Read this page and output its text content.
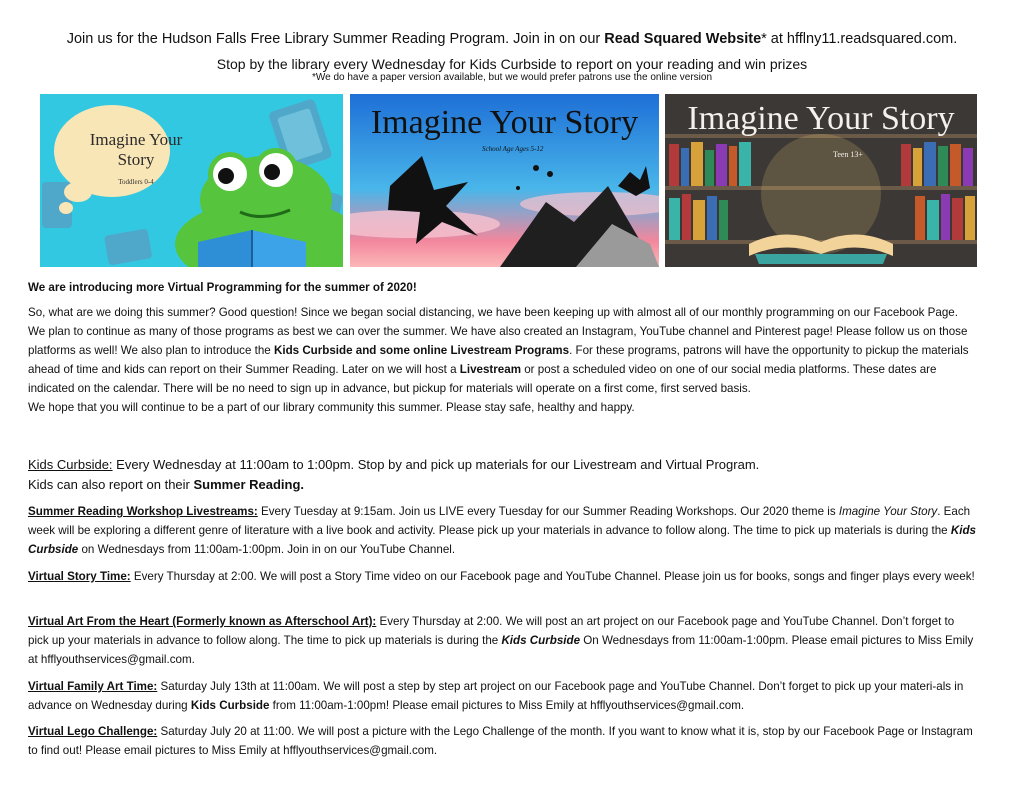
Join us for the Hudson Falls Free Library Summer Reading Program. Join in on our Read Squared Website* at hfflny11.readsquared.com.
Stop by the library every Wednesday for Kids Curbside to report on your reading and win prizes
*We do have a paper version available, but we would prefer patrons use the online version
Imagine Your Story
Toddlers 0-4
Imagine Your Story
School Age Ages 5-12
Imagine Your Story
Teen 13+
We are introducing more Virtual Programming for the summer of 2020!
So, what are we doing this summer? Good question! Since we began social distancing, we have been keeping up with almost all of our monthly programming on our Facebook Page. We plan to continue as many of those programs as best we can over the summer. We have also created an Instagram, YouTube channel and Pinterest page! Please follow us on those platforms as well! We also plan to introduce the Kids Curbside and some online Livestream Programs. For these programs, patrons will have the opportunity to pickup the materials ahead of time and kids can report on their Summer Reading. Later on we will host a Livestream or post a scheduled video on one of our social media platforms. These dates are indicated on the calendar. There will be no need to sign up in advance, but pickup for materials will operate on a first come, first served basis.
We hope that you will continue to be a part of our library community this summer. Please stay safe, healthy and happy.
Kids Curbside: Every Wednesday at 11:00am to 1:00pm. Stop by and pick up materials for our Livestream and Virtual Program.
Kids can also report on their Summer Reading.
Summer Reading Workshop Livestreams: Every Tuesday at 9:15am. Join us LIVE every Tuesday for our Summer Reading Workshops. Our 2020 theme is Imagine Your Story. Each week will be exploring a different genre of literature with a live book and activity. Please pick up your materials in advance to follow along. The time to pick up materials is during the Kids Curbside on Wednesdays from 11:00am-1:00pm. Join in on our YouTube Channel.
Virtual Story Time: Every Thursday at 2:00. We will post a Story Time video on our Facebook page and YouTube Channel. Please join us for books, songs and finger plays every week!
Virtual Art From the Heart (Formerly known as Afterschool Art): Every Thursday at 2:00. We will post an art project on our Facebook page and YouTube Channel. Don’t forget to pick up your materials in advance to follow along. The time to pick up materials is during the Kids Curbside On Wednesdays from 11:00am-1:00pm. Please email pictures to Miss Emily at hfflyouthservices@gmail.com.
Virtual Family Art Time: Saturday July 13th at 11:00am. We will post a step by step art project on our Facebook page and YouTube Channel. Don’t forget to pick up your materi-als in advance on Wednesday during Kids Curbside from 11:00am-1:00pm! Please email pictures to Miss Emily at hfflyouthservices@gmail.com.
Virtual Lego Challenge: Saturday July 20 at 11:00. We will post a picture with the Lego Challenge of the month. If you want to know what it is, stop by our Facebook Page or Instagram to find out! Please email pictures to Miss Emily at hfflyouthservices@gmail.com.
